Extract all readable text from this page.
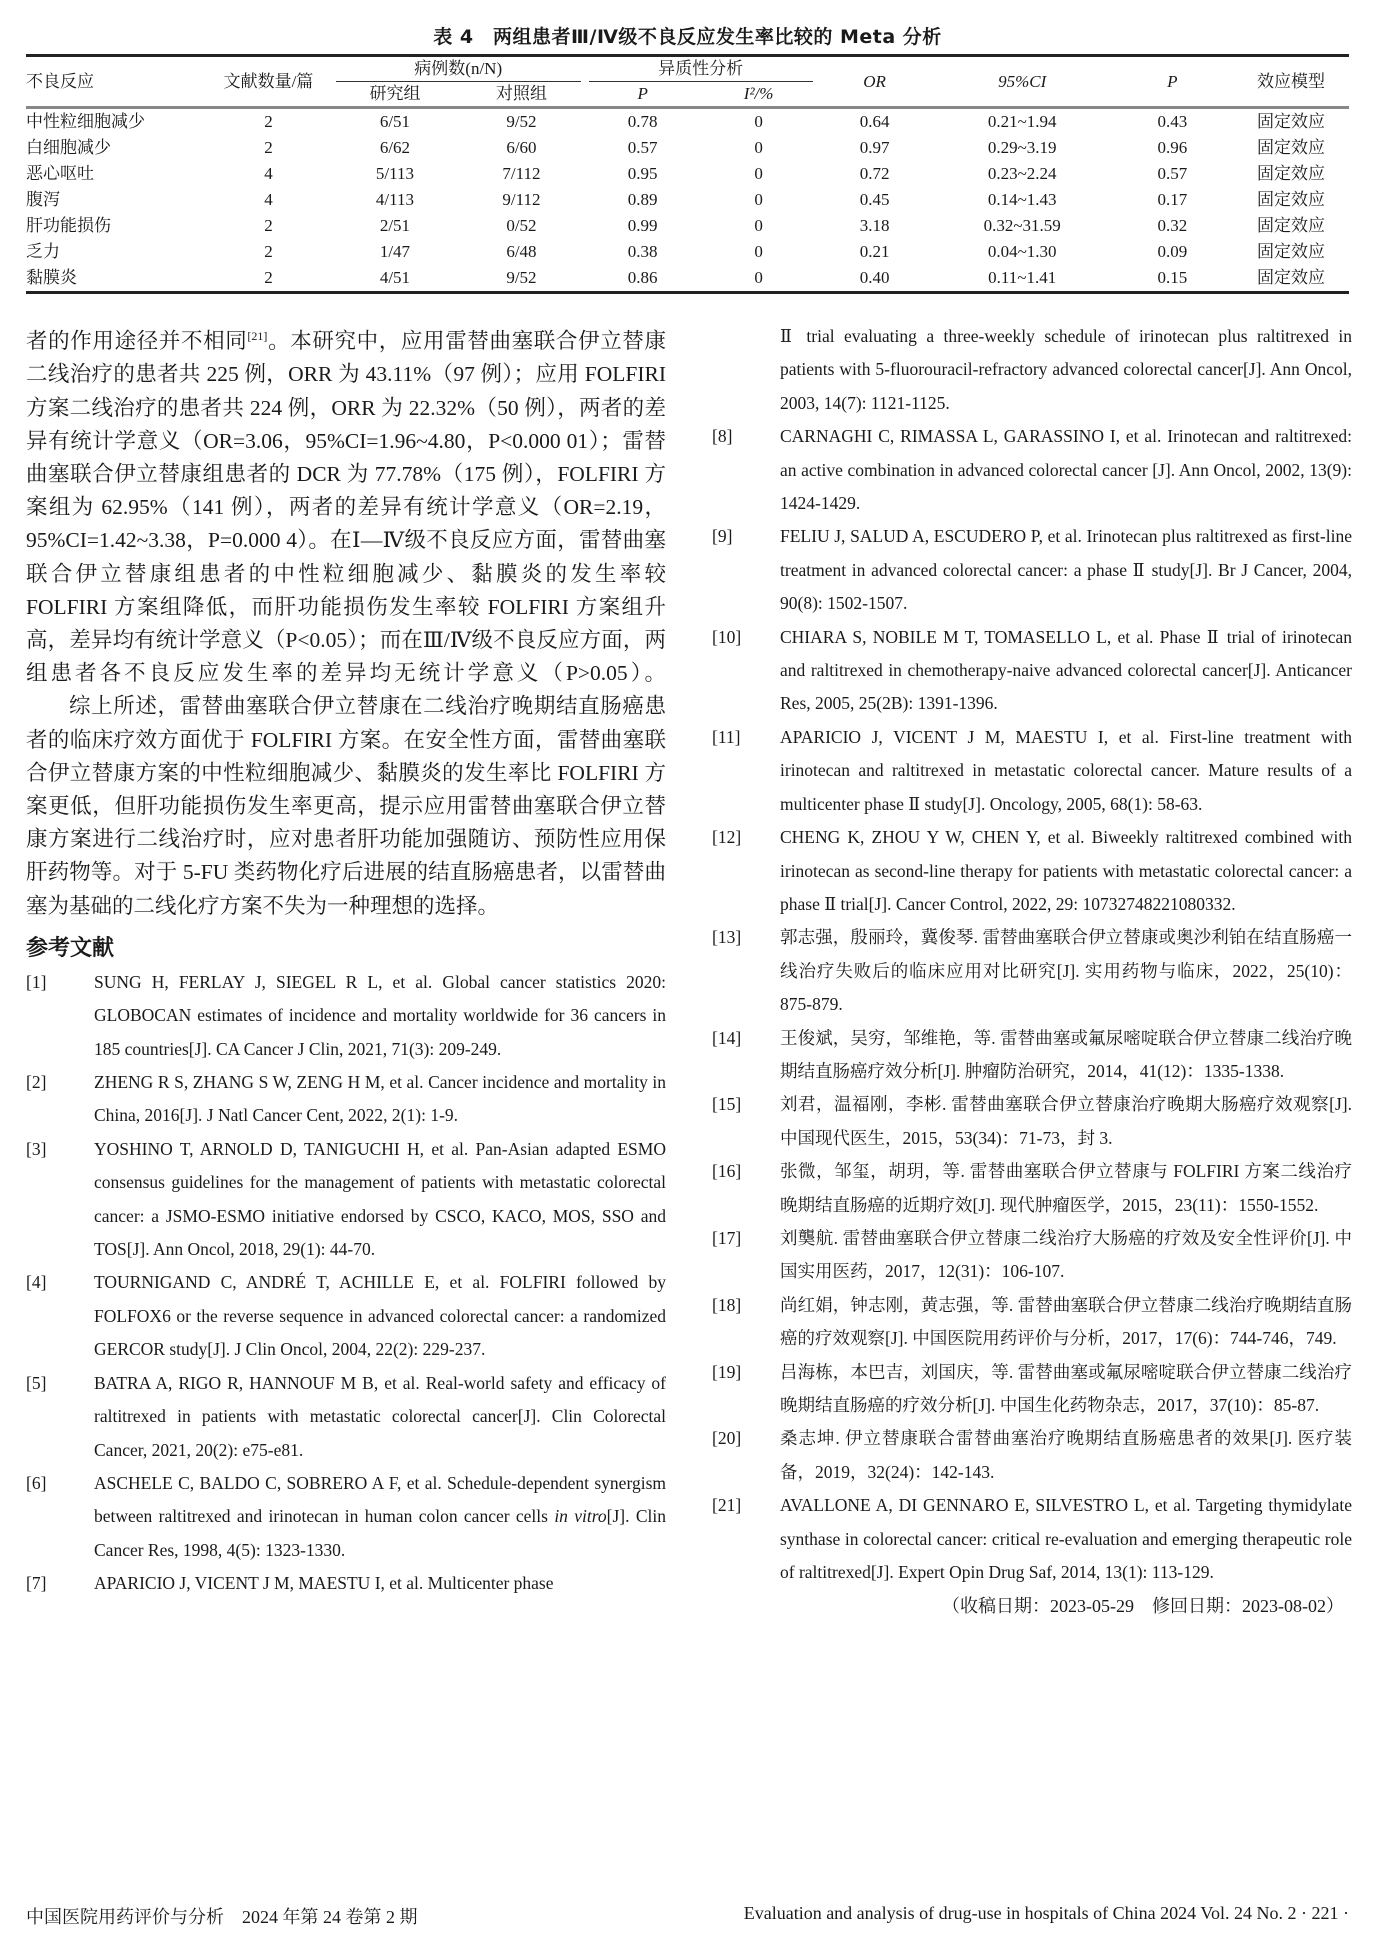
表 4　两组患者Ⅲ/Ⅳ级不良反应发生率比较的 Meta 分析
不良反应	文献数量/篇	病例数(n/N)		异质性分析		OR	95%CI	P	效应模型
		研究组	对照组	P	I²/%				
中性粒细胞减少	2	6/51	9/52	0.78	0	0.64	0.21~1.94	0.43	固定效应
白细胞减少	2	6/62	6/60	0.57	0	0.97	0.29~3.19	0.96	固定效应
恶心呕吐	4	5/113	7/112	0.95	0	0.72	0.23~2.24	0.57	固定效应
腹泻	4	4/113	9/112	0.89	0	0.45	0.14~1.43	0.17	固定效应
肝功能损伤	2	2/51	0/52	0.99	0	3.18	0.32~31.59	0.32	固定效应
乏力	2	1/47	6/48	0.38	0	0.21	0.04~1.30	0.09	固定效应
黏膜炎	2	4/51	9/52	0.86	0	0.40	0.11~1.41	0.15	固定效应

者的作用途径并不相同[21]。本研究中，应用雷替曲塞联合伊立替康二线治疗的患者共 225 例，ORR 为 43.11%（97 例）；应用 FOLFIRI 方案二线治疗的患者共 224 例，ORR 为 22.32%（50 例），两者的差异有统计学意义（OR=3.06，95%CI=1.96~4.80，P<0.000 01）；雷替曲塞联合伊立替康组患者的 DCR 为 77.78%（175 例），FOLFIRI 方案组为 62.95%（141 例），两者的差异有统计学意义（OR=2.19，95%CI=1.42~3.38，P=0.000 4）。在Ⅰ—Ⅳ级不良反应方面，雷替曲塞联合伊立替康组患者的中性粒细胞减少、黏膜炎的发生率较 FOLFIRI 方案组降低，而肝功能损伤发生率较 FOLFIRI 方案组升高，差异均有统计学意义（P<0.05）；而在Ⅲ/Ⅳ级不良反应方面，两组患者各不良反应发生率的差异均无统计学意义（P>0.05）。

综上所述，雷替曲塞联合伊立替康在二线治疗晚期结直肠癌患者的临床疗效方面优于 FOLFIRI 方案。在安全性方面，雷替曲塞联合伊立替康方案的中性粒细胞减少、黏膜炎的发生率比 FOLFIRI 方案更低，但肝功能损伤发生率更高，提示应用雷替曲塞联合伊立替康方案进行二线治疗时，应对患者肝功能加强随访、预防性应用保肝药物等。对于 5-FU 类药物化疗后进展的结直肠癌患者，以雷替曲塞为基础的二线化疗方案不失为一种理想的选择。

参考文献
[1]	SUNG H, FERLAY J, SIEGEL R L, et al. Global cancer statistics 2020: GLOBOCAN estimates of incidence and mortality worldwide for 36 cancers in 185 countries[J]. CA Cancer J Clin, 2021, 71(3): 209-249.
[2]	ZHENG R S, ZHANG S W, ZENG H M, et al. Cancer incidence and mortality in China, 2016[J]. J Natl Cancer Cent, 2022, 2(1): 1-9.
[3]	YOSHINO T, ARNOLD D, TANIGUCHI H, et al. Pan-Asian adapted ESMO consensus guidelines for the management of patients with metastatic colorectal cancer: a JSMO-ESMO initiative endorsed by CSCO, KACO, MOS, SSO and TOS[J]. Ann Oncol, 2018, 29(1): 44-70.
[4]	TOURNIGAND C, ANDRÉ T, ACHILLE E, et al. FOLFIRI followed by FOLFOX6 or the reverse sequence in advanced colorectal cancer: a randomized GERCOR study[J]. J Clin Oncol, 2004, 22(2): 229-237.
[5]	BATRA A, RIGO R, HANNOUF M B, et al. Real-world safety and efficacy of raltitrexed in patients with metastatic colorectal cancer[J]. Clin Colorectal Cancer, 2021, 20(2): e75-e81.
[6]	ASCHELE C, BALDO C, SOBRERO A F, et al. Schedule-dependent synergism between raltitrexed and irinotecan in human colon cancer cells in vitro[J]. Clin Cancer Res, 1998, 4(5): 1323-1330.
[7]	APARICIO J, VICENT J M, MAESTU I, et al. Multicenter phase
Ⅱ trial evaluating a three-weekly schedule of irinotecan plus raltitrexed in patients with 5-fluorouracil-refractory advanced colorectal cancer[J]. Ann Oncol, 2003, 14(7): 1121-1125.
[8]	CARNAGHI C, RIMASSA L, GARASSINO I, et al. Irinotecan and raltitrexed: an active combination in advanced colorectal cancer [J]. Ann Oncol, 2002, 13(9): 1424-1429.
[9]	FELIU J, SALUD A, ESCUDERO P, et al. Irinotecan plus raltitrexed as first-line treatment in advanced colorectal cancer: a phase Ⅱ study[J]. Br J Cancer, 2004, 90(8): 1502-1507.
[10]	CHIARA S, NOBILE M T, TOMASELLO L, et al. Phase Ⅱ trial of irinotecan and raltitrexed in chemotherapy-naive advanced colorectal cancer[J]. Anticancer Res, 2005, 25(2B): 1391-1396.
[11]	APARICIO J, VICENT J M, MAESTU I, et al. First-line treatment with irinotecan and raltitrexed in metastatic colorectal cancer. Mature results of a multicenter phase Ⅱ study[J]. Oncology, 2005, 68(1): 58-63.
[12]	CHENG K, ZHOU Y W, CHEN Y, et al. Biweekly raltitrexed combined with irinotecan as second-line therapy for patients with metastatic colorectal cancer: a phase Ⅱ trial[J]. Cancer Control, 2022, 29: 10732748221080332.
[13]	郭志强，殷丽玲，冀俊琴. 雷替曲塞联合伊立替康或奥沙利铂在结直肠癌一线治疗失败后的临床应用对比研究[J]. 实用药物与临床，2022，25(10)：875-879.
[14]	王俊斌，吴穷，邹维艳，等. 雷替曲塞或氟尿嘧啶联合伊立替康二线治疗晚期结直肠癌疗效分析[J]. 肿瘤防治研究，2014，41(12)：1335-1338.
[15]	刘君，温福刚，李彬. 雷替曲塞联合伊立替康治疗晚期大肠癌疗效观察[J]. 中国现代医生，2015，53(34)：71-73，封 3.
[16]	张微，邹玺，胡玥，等. 雷替曲塞联合伊立替康与 FOLFIRI 方案二线治疗晚期结直肠癌的近期疗效[J]. 现代肿瘤医学，2015，23(11)：1550-1552.
[17]	刘龑航. 雷替曲塞联合伊立替康二线治疗大肠癌的疗效及安全性评价[J]. 中国实用医药，2017，12(31)：106-107.
[18]	尚红娟，钟志刚，黄志强，等. 雷替曲塞联合伊立替康二线治疗晚期结直肠癌的疗效观察[J]. 中国医院用药评价与分析，2017，17(6)：744-746，749.
[19]	吕海栋，本巴吉，刘国庆，等. 雷替曲塞或氟尿嘧啶联合伊立替康二线治疗晚期结直肠癌的疗效分析[J]. 中国生化药物杂志，2017，37(10)：85-87.
[20]	桑志坤. 伊立替康联合雷替曲塞治疗晚期结直肠癌患者的效果[J]. 医疗装备，2019，32(24)：142-143.
[21]	AVALLONE A, DI GENNARO E, SILVESTRO L, et al. Targeting thymidylate synthase in colorectal cancer: critical re-evaluation and emerging therapeutic role of raltitrexed[J]. Expert Opin Drug Saf, 2014, 13(1): 113-129.
（收稿日期：2023-05-29　修回日期：2023-08-02）
中国医院用药评价与分析　2024 年第 24 卷第 2 期	Evaluation and analysis of drug-use in hospitals of China 2024 Vol. 24 No. 2 · 221 ·
